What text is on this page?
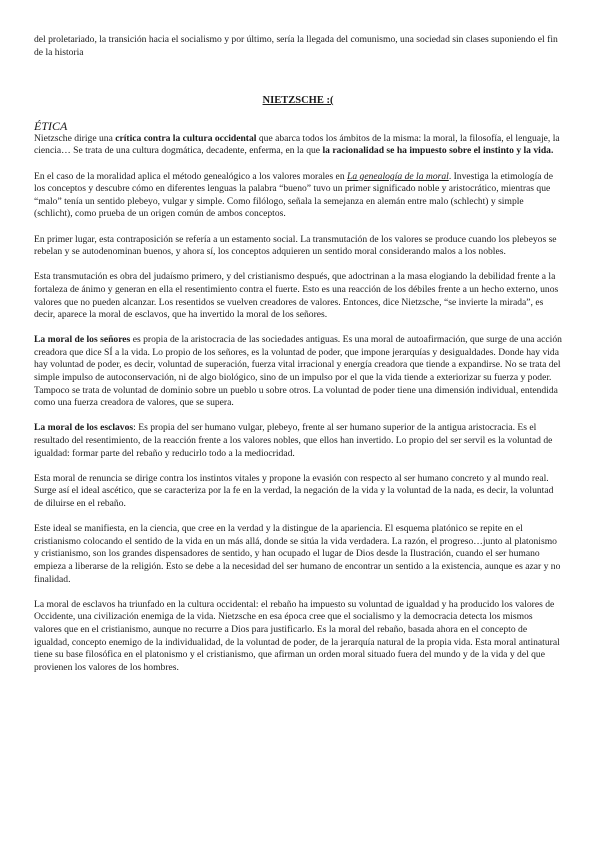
del proletariado, la transición hacia el socialismo y por último, sería la llegada del comunismo, una sociedad sin clases suponiendo el fin de la historia

NIETZSCHE :(
ÉTICA

Nietzsche dirige una crítica contra la cultura occidental que abarca todos los ámbitos de la misma: la moral, la filosofía, el lenguaje, la ciencia… Se trata de una cultura dogmática, decadente, enferma, en la que la racionalidad se ha impuesto sobre el instinto y la vida.

En el caso de la moralidad aplica el método genealógico a los valores morales en La genealogía de la moral. Investiga la etimología de los conceptos y descubre cómo en diferentes lenguas la palabra “bueno” tuvo un primer significado noble y aristocrático, mientras que “malo” tenía un sentido plebeyo, vulgar y simple. Como filólogo, señala la semejanza en alemán entre malo (schlecht) y simple (schlicht), como prueba de un origen común de ambos conceptos.

En primer lugar, esta contraposición se refería a un estamento social. La transmutación de los valores se produce cuando los plebeyos se rebelan y se autodenominan buenos, y ahora sí, los conceptos adquieren un sentido moral considerando malos a los nobles.

Esta transmutación es obra del judaísmo primero, y del cristianismo después, que adoctrinan a la masa elogiando la debilidad frente a la fortaleza de ánimo y generan en ella el resentimiento contra el fuerte. Esto es una reacción de los débiles frente a un hecho externo, unos valores que no pueden alcanzar. Los resentidos se vuelven creadores de valores. Entonces, dice Nietzsche, “se invierte la mirada”, es decir, aparece la moral de esclavos, que ha invertido la moral de los señores.

La moral de los señores es propia de la aristocracia de las sociedades antiguas. Es una moral de autoafirmación, que surge de una acción creadora que dice SÍ a la vida. Lo propio de los señores, es la voluntad de poder, que impone jerarquías y desigualdades. Donde hay vida hay voluntad de poder, es decir, voluntad de superación, fuerza vital irracional y energía creadora que tiende a expandirse. No se trata del simple impulso de autoconservación, ni de algo biológico, sino de un impulso por el que la vida tiende a exteriorizar su fuerza y poder. Tampoco se trata de voluntad de dominio sobre un pueblo u sobre otros. La voluntad de poder tiene una dimensión individual, entendida como una fuerza creadora de valores, que se supera.

La moral de los esclavos: Es propia del ser humano vulgar, plebeyo, frente al ser humano superior de la antigua aristocracia. Es el resultado del resentimiento, de la reacción frente a los valores nobles, que ellos han invertido. Lo propio del ser servil es la voluntad de igualdad: formar parte del rebaño y reducirlo todo a la mediocridad.

Esta moral de renuncia se dirige contra los instintos vitales y propone la evasión con respecto al ser humano concreto y al mundo real. Surge así el ideal ascético, que se caracteriza por la fe en la verdad, la negación de la vida y la voluntad de la nada, es decir, la voluntad de diluirse en el rebaño.

Este ideal se manifiesta, en la ciencia, que cree en la verdad y la distingue de la apariencia. El esquema platónico se repite en el cristianismo colocando el sentido de la vida en un más allá, donde se sitúa la vida verdadera. La razón, el progreso…junto al platonismo y cristianismo, son los grandes dispensadores de sentido, y han ocupado el lugar de Dios desde la Ilustración, cuando el ser humano empieza a liberarse de la religión. Esto se debe a la necesidad del ser humano de encontrar un sentido a la existencia, aunque es azar y no finalidad.

La moral de esclavos ha triunfado en la cultura occidental: el rebaño ha impuesto su voluntad de igualdad y ha producido los valores de Occidente, una civilización enemiga de la vida. Nietzsche en esa época cree que el socialismo y la democracia detecta los mismos valores que en el cristianismo, aunque no recurre a Dios para justificarlo. Es la moral del rebaño, basada ahora en el concepto de igualdad, concepto enemigo de la individualidad, de la voluntad de poder, de la jerarquía natural de la propia vida. Esta moral antinatural tiene su base filosófica en el platonismo y el cristianismo, que afirman un orden moral situado fuera del mundo y de la vida y del que provienen los valores de los hombres.
